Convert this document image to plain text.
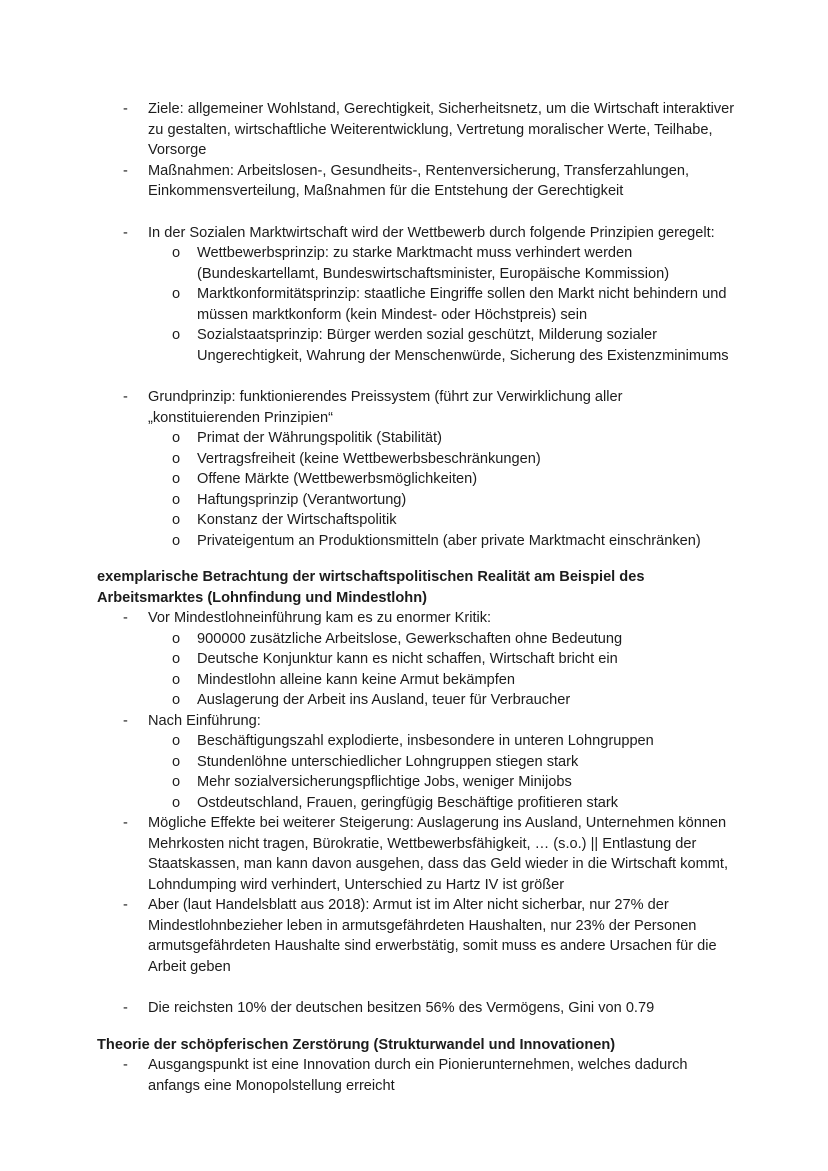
- Ziele: allgemeiner Wohlstand, Gerechtigkeit, Sicherheitsnetz, um die Wirtschaft interaktiver zu gestalten, wirtschaftliche Weiterentwicklung, Vertretung moralischer Werte, Teilhabe, Vorsorge
- Maßnahmen: Arbeitslosen-, Gesundheits-, Rentenversicherung, Transferzahlungen, Einkommensverteilung, Maßnahmen für die Entstehung der Gerechtigkeit
- In der Sozialen Marktwirtschaft wird der Wettbewerb durch folgende Prinzipien geregelt:
o Wettbewerbsprinzip: zu starke Marktmacht muss verhindert werden (Bundeskartellamt, Bundeswirtschaftsminister, Europäische Kommission)
o Marktkonformitätsprinzip: staatliche Eingriffe sollen den Markt nicht behindern und müssen marktkonform (kein Mindest- oder Höchstpreis) sein
o Sozialstaatsprinzip: Bürger werden sozial geschützt, Milderung sozialer Ungerechtigkeit, Wahrung der Menschenwürde, Sicherung des Existenzminimums
- Grundprinzip: funktionierendes Preissystem (führt zur Verwirklichung aller „konstituierenden Prinzipien“
o Primat der Währungspolitik (Stabilität)
o Vertragsfreiheit (keine Wettbewerbsbeschränkungen)
o Offene Märkte (Wettbewerbsmöglichkeiten)
o Haftungsprinzip (Verantwortung)
o Konstanz der Wirtschaftspolitik
o Privateigentum an Produktionsmitteln (aber private Marktmacht einschränken)
exemplarische Betrachtung der wirtschaftspolitischen Realität am Beispiel des Arbeitsmarktes (Lohnfindung und Mindestlohn)
- Vor Mindestlohneinführung kam es zu enormer Kritik:
o 900000 zusätzliche Arbeitslose, Gewerkschaften ohne Bedeutung
o Deutsche Konjunktur kann es nicht schaffen, Wirtschaft bricht ein
o Mindestlohn alleine kann keine Armut bekämpfen
o Auslagerung der Arbeit ins Ausland, teuer für Verbraucher
- Nach Einführung:
o Beschäftigungszahl explodierte, insbesondere in unteren Lohngruppen
o Stundenlöhne unterschiedlicher Lohngruppen stiegen stark
o Mehr sozialversicherungspflichtige Jobs, weniger Minijobs
o Ostdeutschland, Frauen, geringfügig Beschäftige profitieren stark
- Mögliche Effekte bei weiterer Steigerung: Auslagerung ins Ausland, Unternehmen können Mehrkosten nicht tragen, Bürokratie, Wettbewerbsfähigkeit, … (s.o.) || Entlastung der Staatskassen, man kann davon ausgehen, dass das Geld wieder in die Wirtschaft kommt, Lohndumping wird verhindert, Unterschied zu Hartz IV ist größer
- Aber (laut Handelsblatt aus 2018): Armut ist im Alter nicht sicherbar, nur 27% der Mindestlohnbezieher leben in armutsgefährdeten Haushalten, nur 23% der Personen armutsgefährdeten Haushalte sind erwerbstätig, somit muss es andere Ursachen für die Arbeit geben
- Die reichsten 10% der deutschen besitzen 56% des Vermögens, Gini von 0.79
Theorie der schöpferischen Zerstörung (Strukturwandel und Innovationen)
- Ausgangspunkt ist eine Innovation durch ein Pionierunternehmen, welches dadurch anfangs eine Monopolstellung erreicht
